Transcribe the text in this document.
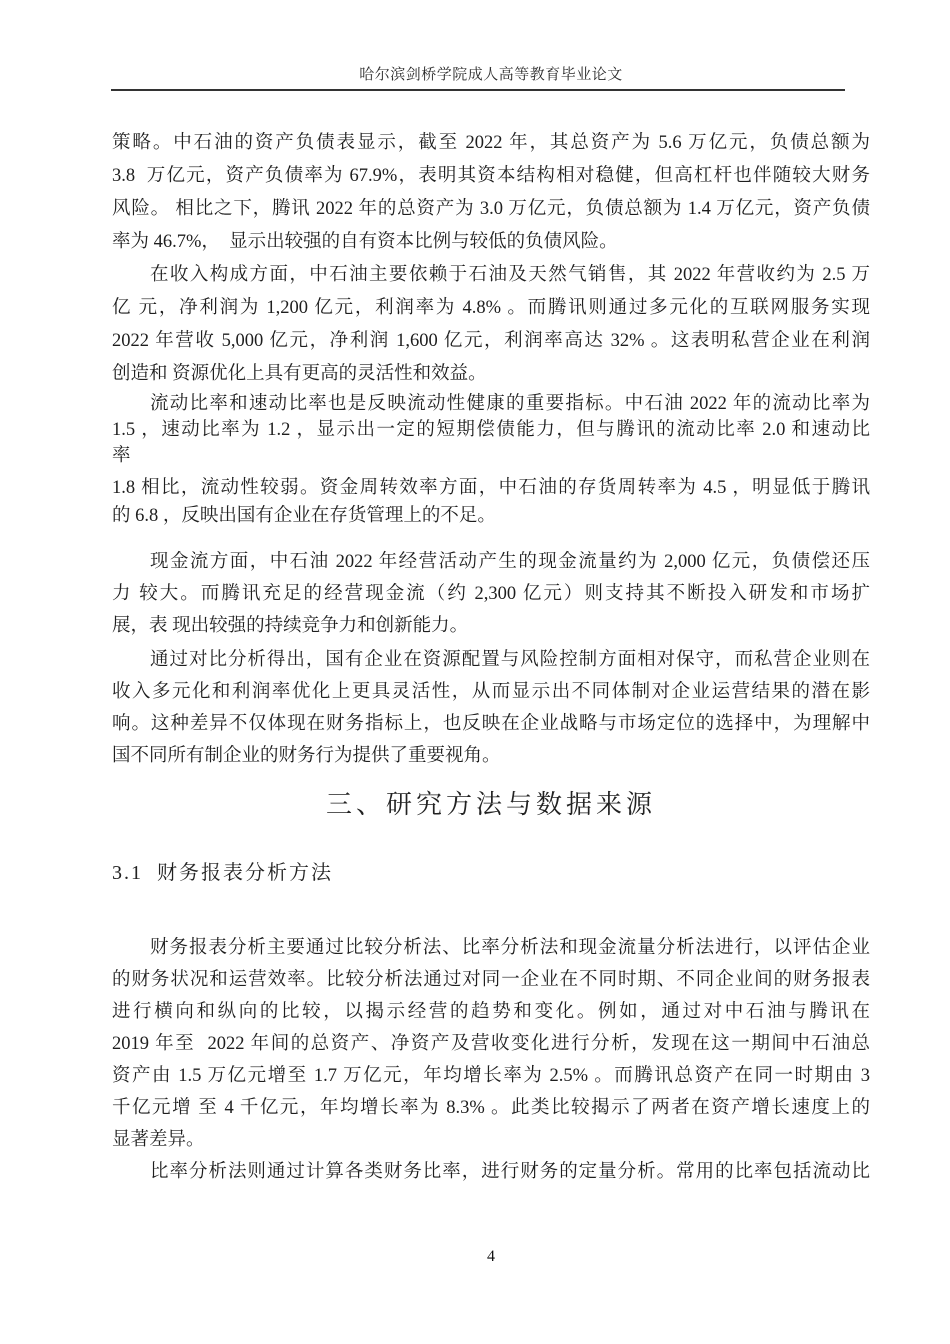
哈尔滨剑桥学院成人高等教育毕业论文
策略。中石油的资产负债表显示，截至 2022 年，其总资产为 5.6 万亿元，负债总额为
3.8  万亿元，资产负债率为 67.9%，表明其资本结构相对稳健，但高杠杆也伴随较大财务
风险。 相比之下，腾讯 2022 年的总资产为 3.0 万亿元，负债总额为 1.4 万亿元，资产负债
率为 46.7%，  显示出较强的自有资本比例与较低的负债风险。
在收入构成方面，中石油主要依赖于石油及天然气销售，其 2022 年营收约为 2.5 万
亿 元，净利润为 1,200 亿元，利润率为 4.8% 。而腾讯则通过多元化的互联网服务实现
2022 年营收 5,000 亿元，净利润 1,600 亿元，利润率高达 32% 。这表明私营企业在利润
创造和 资源优化上具有更高的灵活性和效益。
流动比率和速动比率也是反映流动性健康的重要指标。中石油 2022 年的流动比率为
1.5 ，速动比率为 1.2 ，显示出一定的短期偿债能力，但与腾讯的流动比率 2.0 和速动比
率
1.8 相比，流动性较弱。资金周转效率方面，中石油的存货周转率为 4.5 ，明显低于腾讯
的 6.8 ，反映出国有企业在存货管理上的不足。
现金流方面，中石油 2022 年经营活动产生的现金流量约为 2,000 亿元，负债偿还压
力 较大。而腾讯充足的经营现金流（约 2,300 亿元）则支持其不断投入研发和市场扩
展，表 现出较强的持续竞争力和创新能力。
通过对比分析得出，国有企业在资源配置与风险控制方面相对保守，而私营企业则在
收入多元化和利润率优化上更具灵活性，从而显示出不同体制对企业运营结果的潜在影
响。这种差异不仅体现在财务指标上，也反映在企业战略与市场定位的选择中，为理解中
国不同所有制企业的财务行为提供了重要视角。
三、研究方法与数据来源
3.1  财务报表分析方法
财务报表分析主要通过比较分析法、比率分析法和现金流量分析法进行，以评估企业
的财务状况和运营效率。比较分析法通过对同一企业在不同时期、不同企业间的财务报表
进行横向和纵向的比较，以揭示经营的趋势和变化。例如，通过对中石油与腾讯在
2019 年至  2022 年间的总资产、净资产及营收变化进行分析，发现在这一期间中石油总
资产由 1.5 万亿元增至 1.7 万亿元，年均增长率为 2.5% 。而腾讯总资产在同一时期由 3
千亿元增 至 4 千亿元，年均增长率为 8.3% 。此类比较揭示了两者在资产增长速度上的
显著差异。
比率分析法则通过计算各类财务比率，进行财务的定量分析。常用的比率包括流动比
4
